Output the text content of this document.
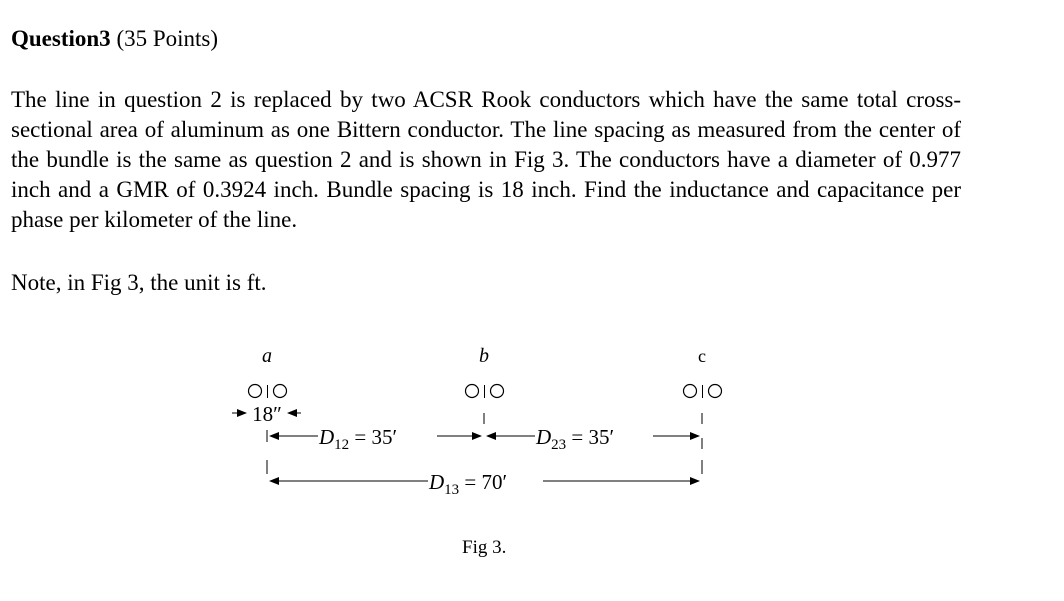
Question3 (35 Points)
The line in question 2 is replaced by two ACSR Rook conductors which have the same total cross-sectional area of aluminum as one Bittern conductor. The line spacing as measured from the center of the bundle is the same as question 2 and is shown in Fig 3. The conductors have a diameter of 0.977 inch and a GMR of 0.3924 inch. Bundle spacing is 18 inch. Find the inductance and capacitance per phase per kilometer of the line.
Note, in Fig 3, the unit is ft.
a	b	c
18″
$D_{12} = 35'$	$D_{23} = 35'$
$D_{13} = 70'$
Fig 3.
